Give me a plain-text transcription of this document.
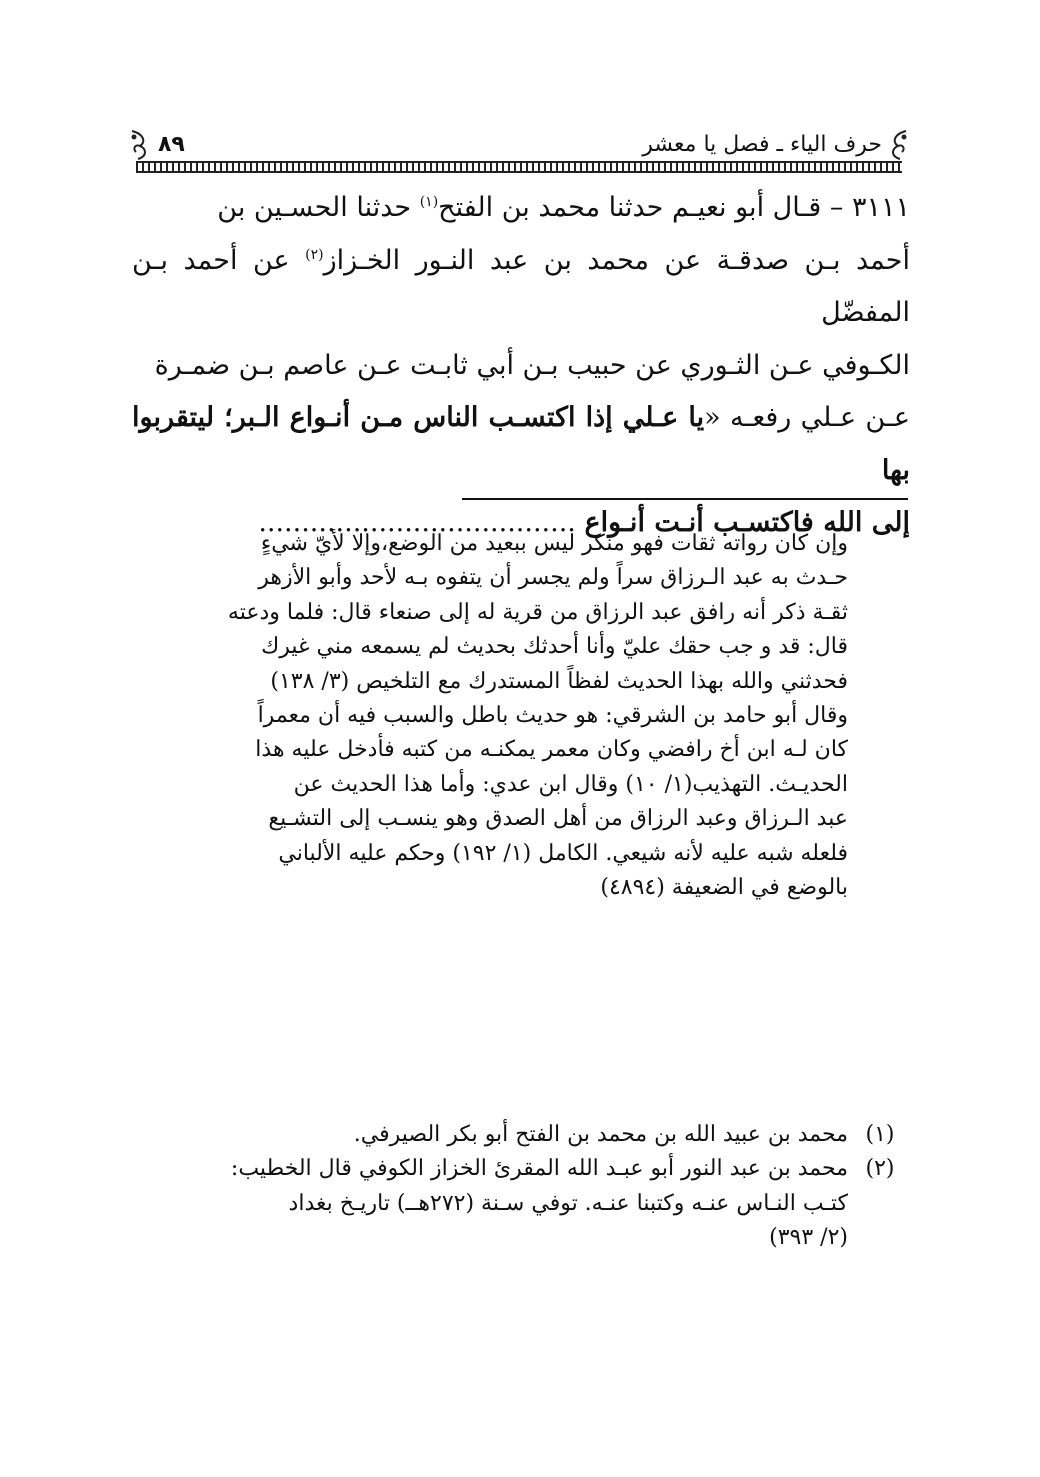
حرف الياء ـ فصل يا معشر
٨٩

٣١١١ – قـال أبو نعيـم حدثنا محمد بن الفتح$^{(١)}$ حدثنا الحسـين بن

أحمد بـن صدقـة عن محمد بن عبد النـور الخـزاز$^{(٢)}$ عن أحمد بـن المفضّل

الكـوفي عـن الثـوري عن حبيب بـن أبي ثابـت عـن عاصم بـن ضمـرة

عـن عـلي رفعـه «يا عـلي إذا اكتسـب الناس مـن أنـواع الـبر؛ ليتقربوا بها

إلى الله فاكتسـب أنـت أنـواع .....................................

وإن كان رواته ثقات فهو منكر ليس ببعيد من الوضع،وإلا لأيّ شيءٍ

حـدث به عبد الـرزاق سراً ولم يجسر أن يتفوه بـه لأحد وأبو الأزهر

ثقـة ذكر أنه رافق عبد الرزاق من قرية له إلى صنعاء قال: فلما ودعته

قال: قد و جب حقك عليّ وأنا أحدثك بحديث لم يسمعه مني غيرك

فحدثني والله بهذا الحديث لفظاً المستدرك مع التلخيص (٣/ ١٣٨)

وقال أبو حامد بن الشرقي: هو حديث باطل والسبب فيه أن معمراً

كان لـه ابن أخ رافضي وكان معمر يمكنـه من كتبه فأدخل عليه هذا

الحديـث. التهذيب(١/ ١٠) وقال ابن عدي: وأما هذا الحديث عن

عبد الـرزاق وعبد الرزاق من أهل الصدق وهو ينسـب إلى التشـيع

فلعله شبه عليه لأنه شيعي. الكامل (١/ ١٩٢) وحكم عليه الألباني

بالوضع في الضعيفة (٤٨٩٤)

(١)
محمد بن عبيد الله بن محمد بن الفتح أبو بكر الصيرفي.
(٢)
محمد بن عبد النور أبو عبـد الله المقرئ الخزاز الكوفي قال الخطيب:
كتـب النـاس عنـه وكتبنا عنـه. توفي سـنة (٢٧٢هــ) تاريـخ بغداد
(٢/ ٣٩٣)
